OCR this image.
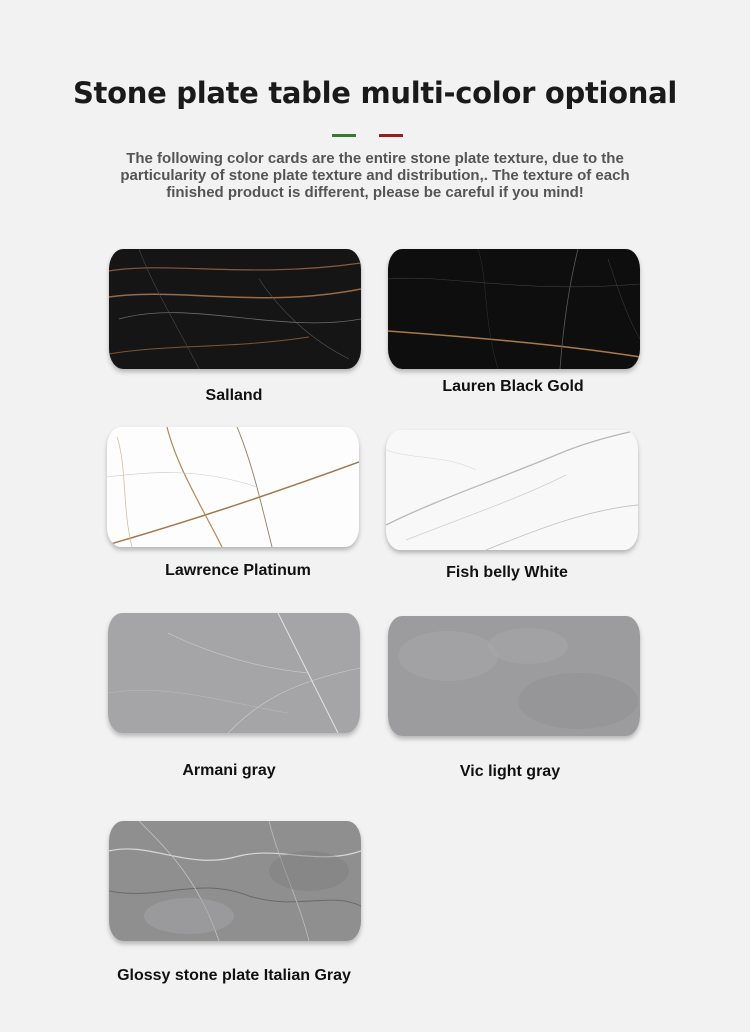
Stone plate table multi-color optional
The following color cards are the entire stone plate texture, due to the particularity of stone plate texture and distribution,. The texture of each finished product is different, please be careful if you mind!
Salland
Lauren Black Gold
Lawrence Platinum	Fish belly White
Armani gray	Vic light gray
Glossy stone plate Italian Gray
